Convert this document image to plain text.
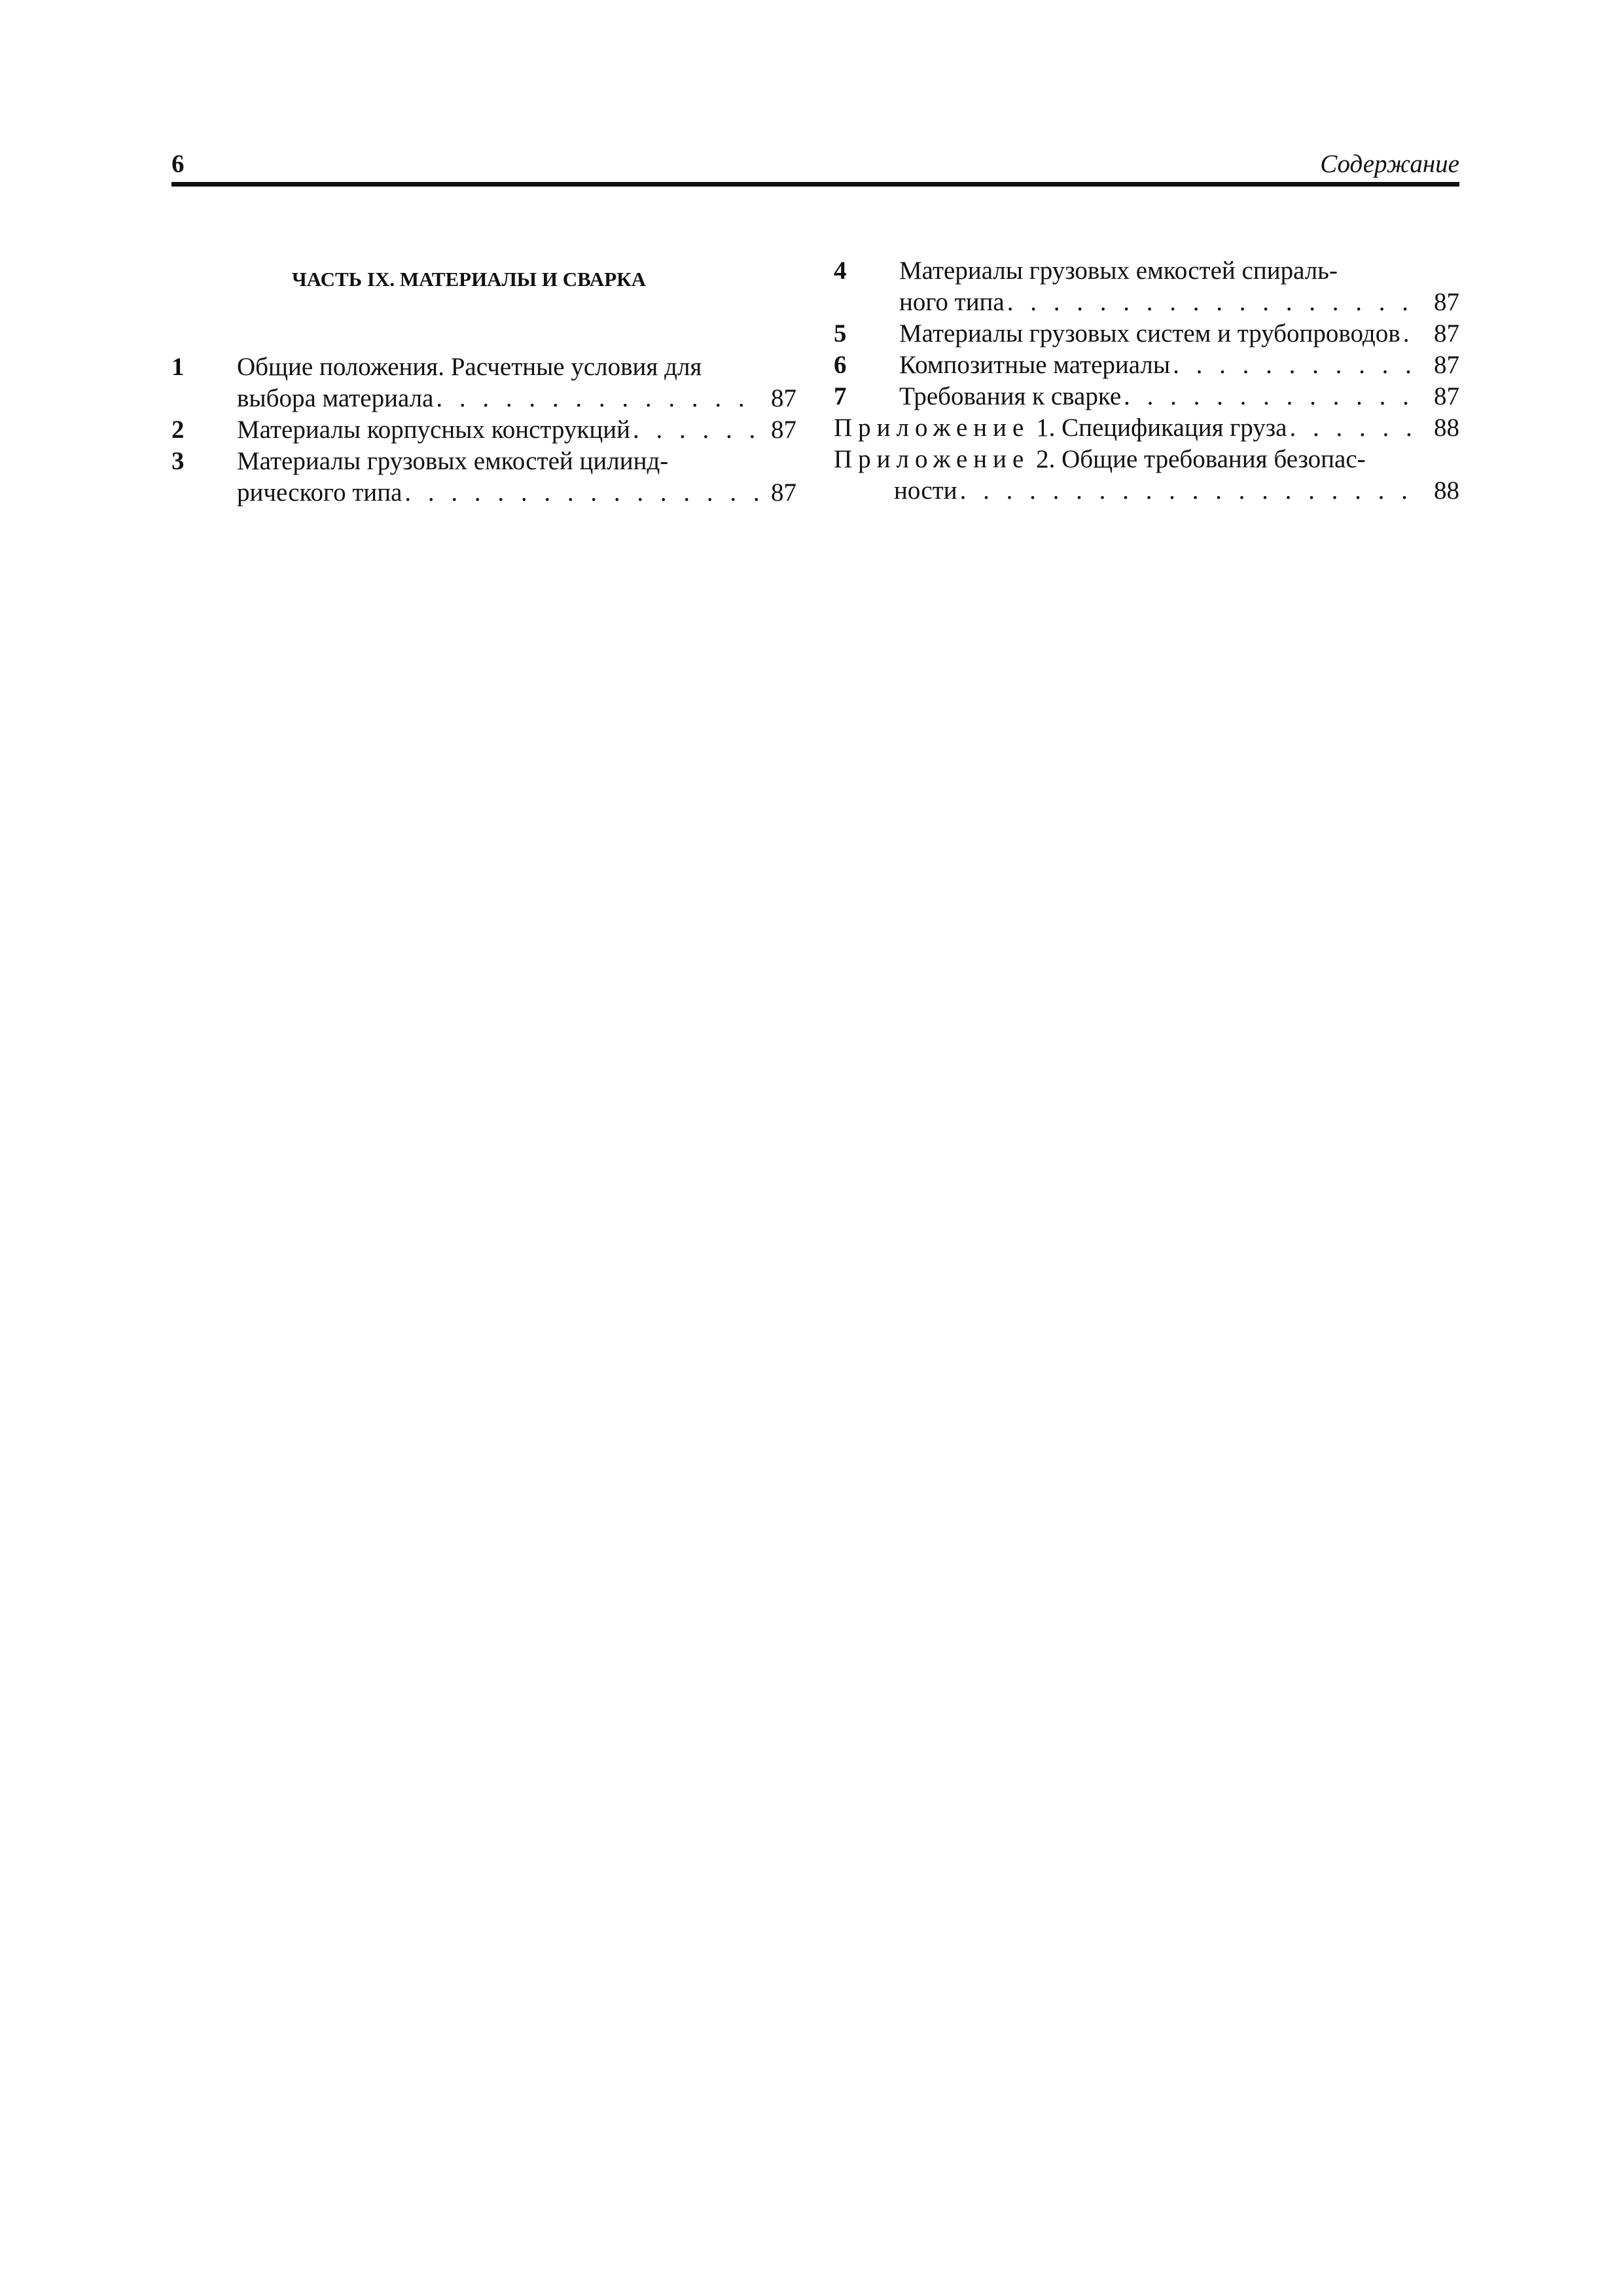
6	Содержание
ЧАСТЬ IX. МАТЕРИАЛЫ И СВАРКА
1 Общие положения. Расчетные условия для
выбора материала . . .	87
2 Материалы корпусных конструкций . . .	87
3 Материалы грузовых емкостей цилинд-
рического типа . . .	87
4 Материалы грузовых емкостей спираль-
ного типа . . .	87
5 Материалы грузовых систем и трубопроводов . . . 87
6 Композитные материалы . . .	87
7 Требования к сварке . . .	87
Приложение 1. Спецификация груза . . .	88
Приложение 2. Общие требования безопас-
ности . . .	88
